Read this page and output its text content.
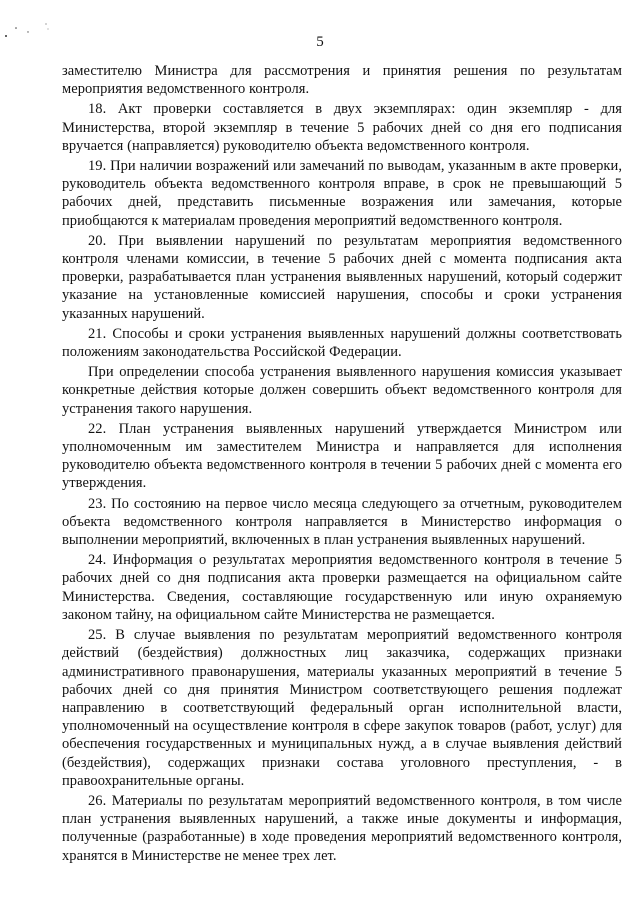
5

заместителю Министра для рассмотрения и принятия решения по результатам мероприятия ведомственного контроля.

18. Акт проверки составляется в двух экземплярах: один экземпляр - для Министерства, второй экземпляр в течение 5 рабочих дней со дня его подписания вручается (направляется) руководителю объекта ведомственного контроля.

19. При наличии возражений или замечаний по выводам, указанным в акте проверки, руководитель объекта ведомственного контроля вправе, в срок не превышающий 5 рабочих дней, представить письменные возражения или замечания, которые приобщаются к материалам проведения мероприятий ведомственного контроля.

20. При выявлении нарушений по результатам мероприятия ведомственного контроля членами комиссии, в течение 5 рабочих дней с момента подписания акта проверки, разрабатывается план устранения выявленных нарушений, который содержит указание на установленные комиссией нарушения, способы и сроки устранения указанных нарушений.

21. Способы и сроки устранения выявленных нарушений должны соответствовать положениям законодательства Российской Федерации.

При определении способа устранения выявленного нарушения комиссия указывает конкретные действия которые должен совершить объект ведомственного контроля для устранения такого нарушения.

22. План устранения выявленных нарушений утверждается Министром или уполномоченным им заместителем Министра и направляется для исполнения руководителю объекта ведомственного контроля в течении 5 рабочих дней с момента его утверждения.

23. По состоянию на первое число месяца следующего за отчетным, руководителем объекта ведомственного контроля направляется в Министерство информация о выполнении мероприятий, включенных в план устранения выявленных нарушений.

24. Информация о результатах мероприятия ведомственного контроля в течение 5 рабочих дней со дня подписания акта проверки размещается на официальном сайте Министерства. Сведения, составляющие государственную или иную охраняемую законом тайну, на официальном сайте Министерства не размещается.

25. В случае выявления по результатам мероприятий ведомственного контроля действий (бездействия) должностных лиц заказчика, содержащих признаки административного правонарушения, материалы указанных мероприятий в течение 5 рабочих дней со дня принятия Министром соответствующего решения подлежат направлению в соответствующий федеральный орган исполнительной власти, уполномоченный на осуществление контроля в сфере закупок товаров (работ, услуг) для обеспечения государственных и муниципальных нужд, а в случае выявления действий (бездействия), содержащих признаки состава уголовного преступления, - в правоохранительные органы.

26. Материалы по результатам мероприятий ведомственного контроля, в том числе план устранения выявленных нарушений, а также иные документы и информация, полученные (разработанные) в ходе проведения мероприятий ведомственного контроля, хранятся в Министерстве не менее трех лет.
